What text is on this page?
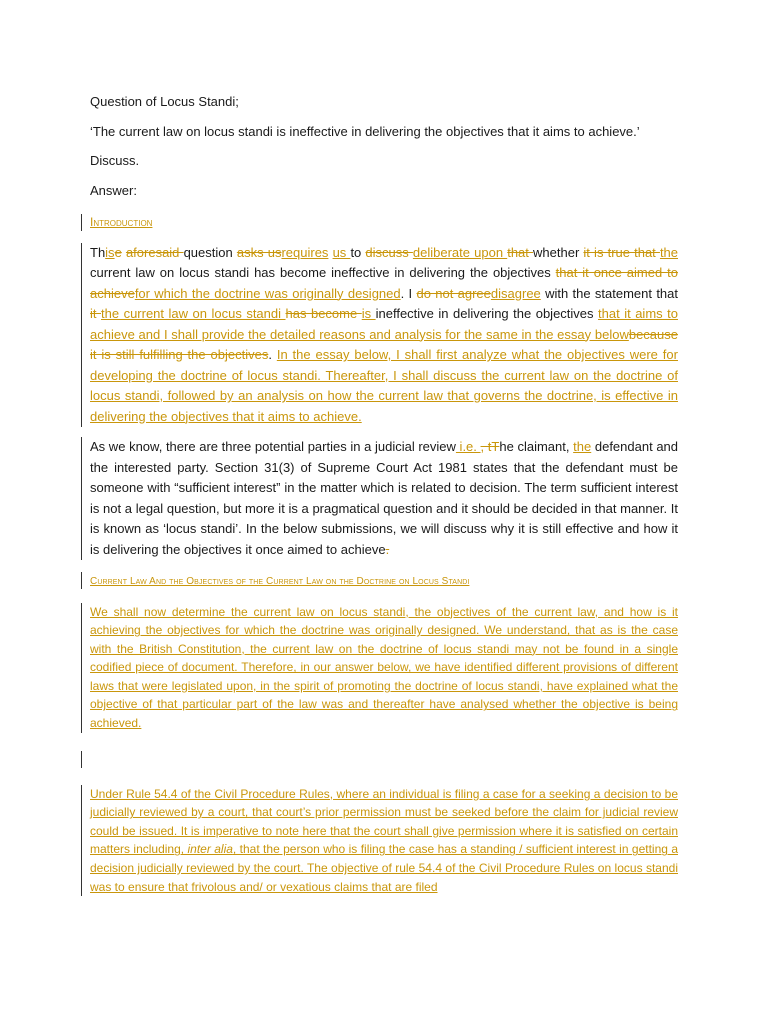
Question of Locus Standi;

‘The current law on locus standi is ineffective in delivering the objectives that it aims to achieve.’

Discuss.

Answer:

Introduction

Thise aforesaid question asks usrequires us to discuss deliberate upon that whether it is true that the current law on locus standi has become ineffective in delivering the objectives that it once aimed to achievefor which the doctrine was originally designed. I do not agreedisagree with the statement that it the current law on locus standi has become is ineffective in delivering the objectives that it aims to achieve and I shall provide the detailed reasons and analysis for the same in the essay belowbecause it is still fulfilling the objectives. In the essay below, I shall first analyze what the objectives were for developing the doctrine of locus standi. Thereafter, I shall discuss the current law on the doctrine of locus standi, followed by an analysis on how the current law that governs the doctrine, is effective in delivering the objectives that it aims to achieve.

As we know, there are three potential parties in a judicial review i.e. , tThe claimant, the defendant and the interested party. Section 31(3) of Supreme Court Act 1981 states that the defendant must be someone with “sufficient interest” in the matter which is related to decision. The term sufficient interest is not a legal question, but more it is a pragmatical question and it should be decided in that manner. It is known as ‘locus standi’. In the below submissions, we will discuss why it is still effective and how it is delivering the objectives it once aimed to achieve.

Current Law And the Objectives of the Current Law on the Doctrine on Locus Standi

We shall now determine the current law on locus standi, the objectives of the current law, and how is it achieving the objectives for which the doctrine was originally designed. We understand, that as is the case with the British Constitution, the current law on the doctrine of locus standi may not be found in a single codified piece of document. Therefore, in our answer below, we have identified different provisions of different laws that were legislated upon, in the spirit of promoting the doctrine of locus standi, have explained what the objective of that particular part of the law was and thereafter have analysed whether the objective is being achieved.

Under Rule 54.4 of the Civil Procedure Rules, where an individual is filing a case for a seeking a decision to be judicially reviewed by a court, that court’s prior permission must be seeked before the claim for judicial review could be issued. It is imperative to note here that the court shall give permission where it is satisfied on certain matters including, inter alia, that the person who is filing the case has a standing / sufficient interest in getting a decision judicially reviewed by the court. The objective of rule 54.4 of the Civil Procedure Rules on locus standi was to ensure that frivolous and/ or vexatious claims that are filed
